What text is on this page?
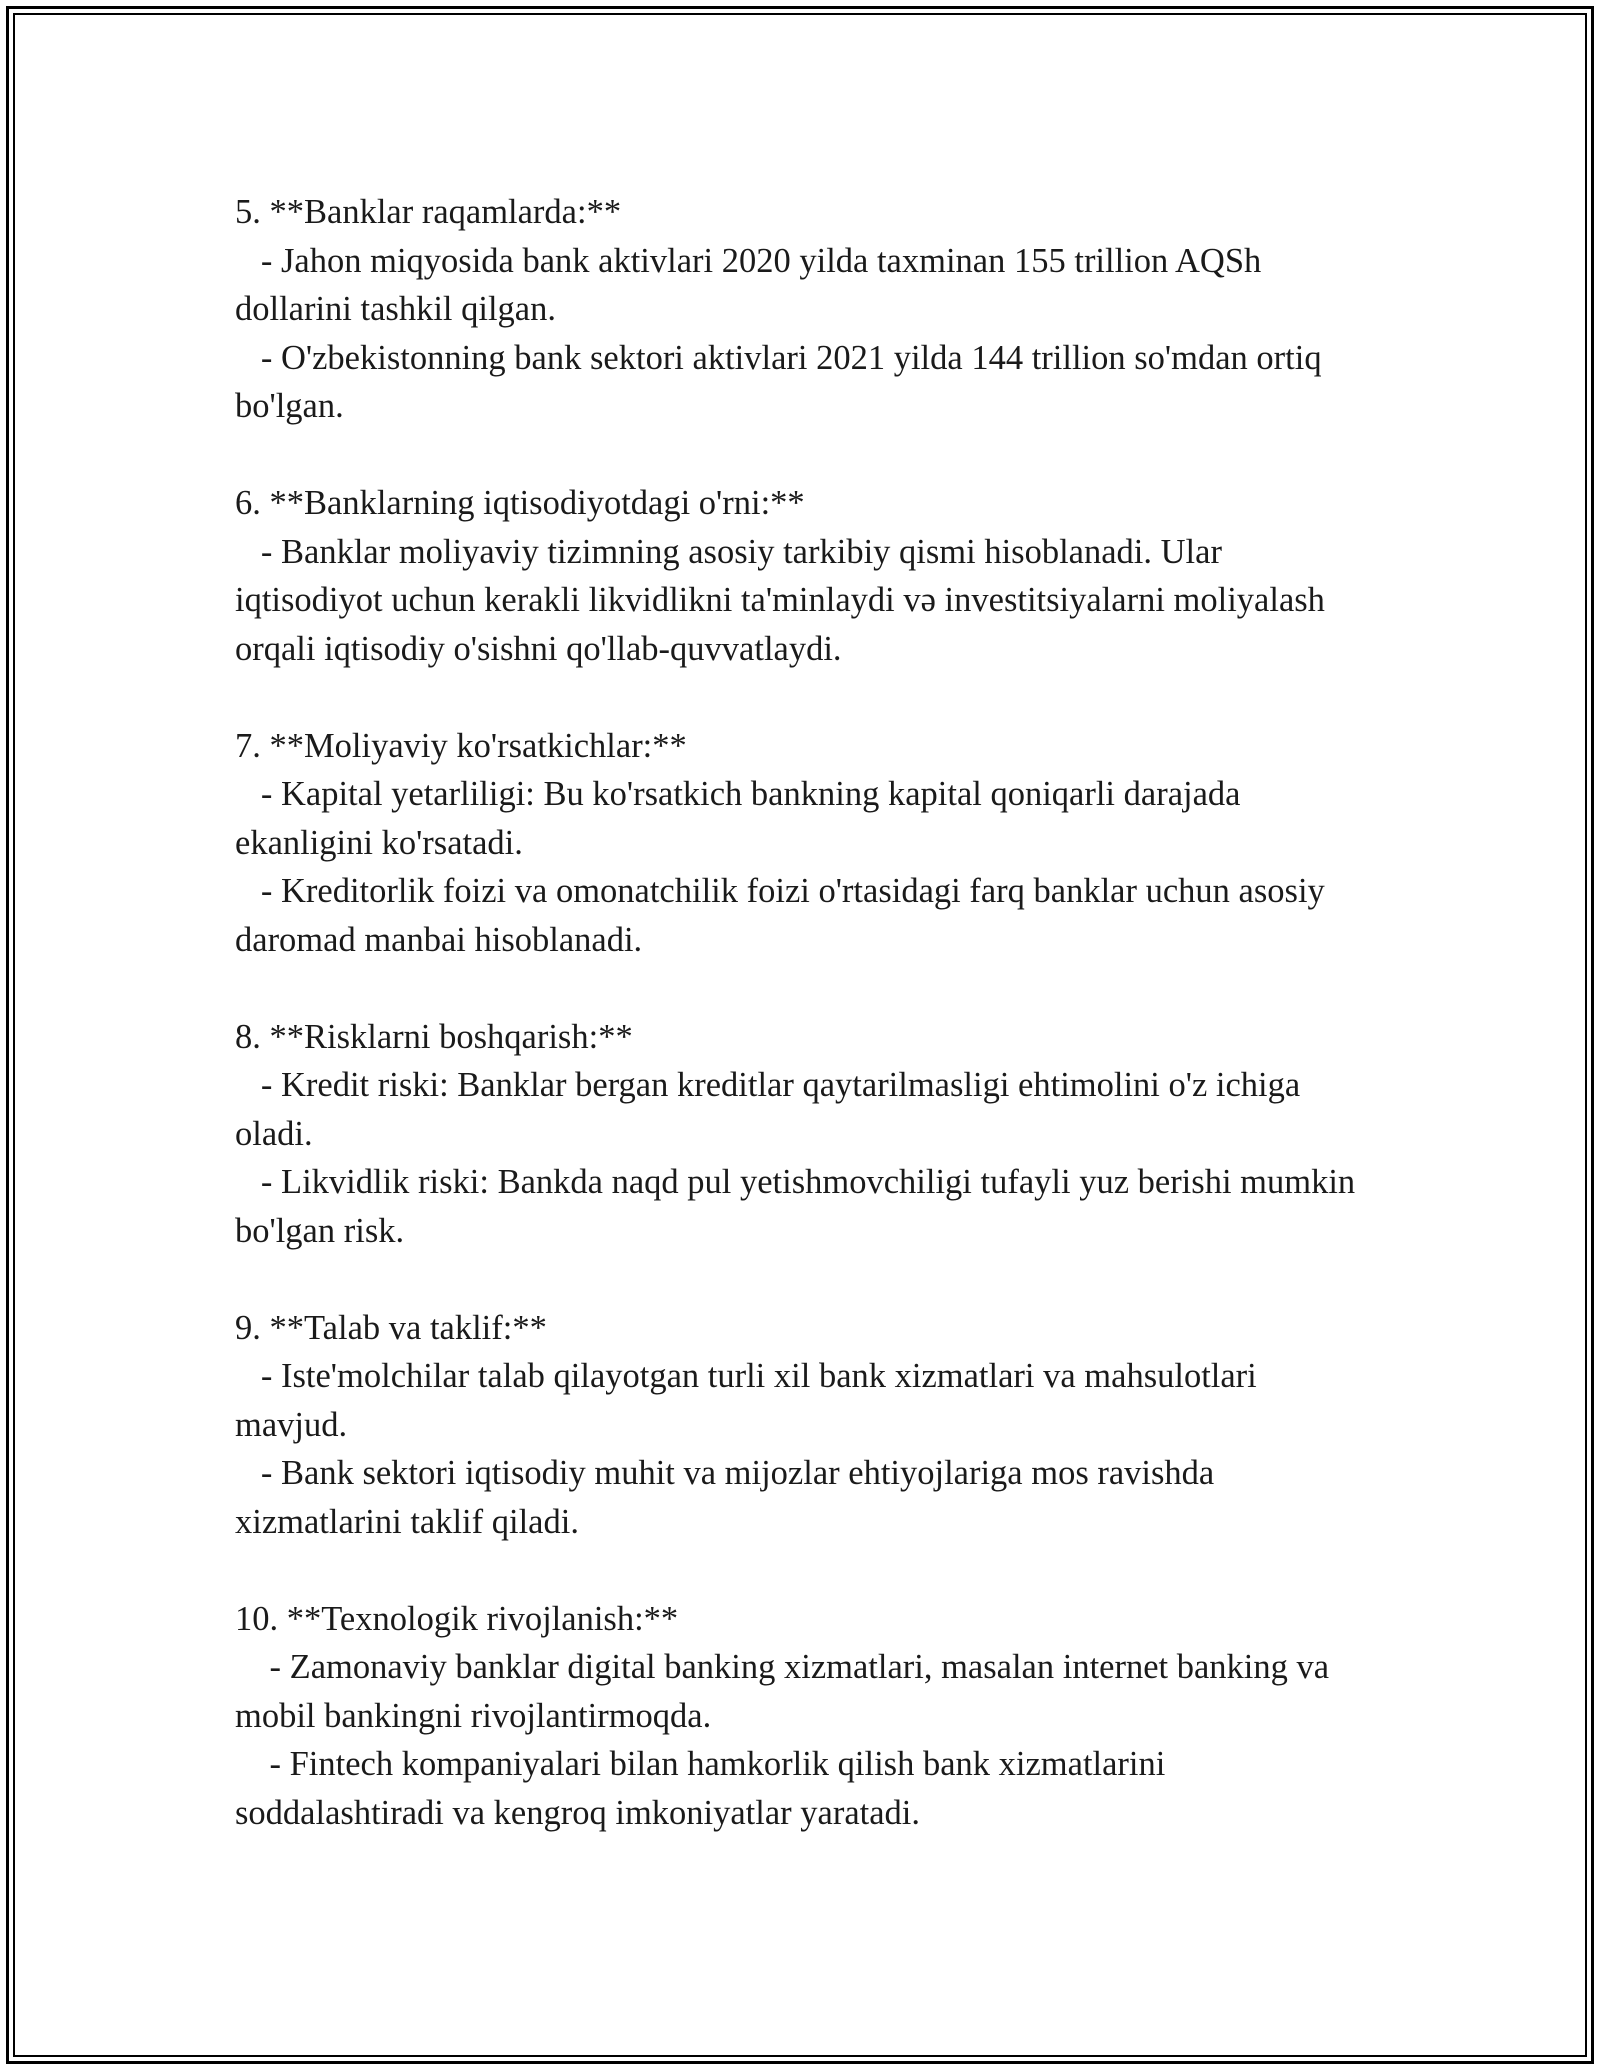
5. **Banklar raqamlarda:**
- Jahon miqyosida bank aktivlari 2020 yilda taxminan 155 trillion AQSh dollarini tashkil qilgan.
- O'zbekistonning bank sektori aktivlari 2021 yilda 144 trillion so'mdan ortiq bo'lgan.
6. **Banklarning iqtisodiyotdagi o'rni:**
- Banklar moliyaviy tizimning asosiy tarkibiy qismi hisoblanadi. Ular iqtisodiyot uchun kerakli likvidlikni ta'minlaydi və investitsiyalarni moliyalash orqali iqtisodiy o'sishni qo'llab-quvvatlaydi.
7. **Moliyaviy ko'rsatkichlar:**
- Kapital yetarliligi: Bu ko'rsatkich bankning kapital qoniqarli darajada ekanligini ko'rsatadi.
- Kreditorlik foizi va omonatchilik foizi o'rtasidagi farq banklar uchun asosiy daromad manbai hisoblanadi.
8. **Risklarni boshqarish:**
- Kredit riski: Banklar bergan kreditlar qaytarilmasligi ehtimolini o'z ichiga oladi.
- Likvidlik riski: Bankda naqd pul yetishmovchiligi tufayli yuz berishi mumkin bo'lgan risk.
9. **Talab va taklif:**
- Iste'molchilar talab qilayotgan turli xil bank xizmatlari va mahsulotlari mavjud.
- Bank sektori iqtisodiy muhit va mijozlar ehtiyojlariga mos ravishda xizmatlarini taklif qiladi.
10. **Texnologik rivojlanish:**
- Zamonaviy banklar digital banking xizmatlari, masalan internet banking va mobil bankingni rivojlantirmoqda.
- Fintech kompaniyalari bilan hamkorlik qilish bank xizmatlarini soddalashtiradi va kengroq imkoniyatlar yaratadi.
